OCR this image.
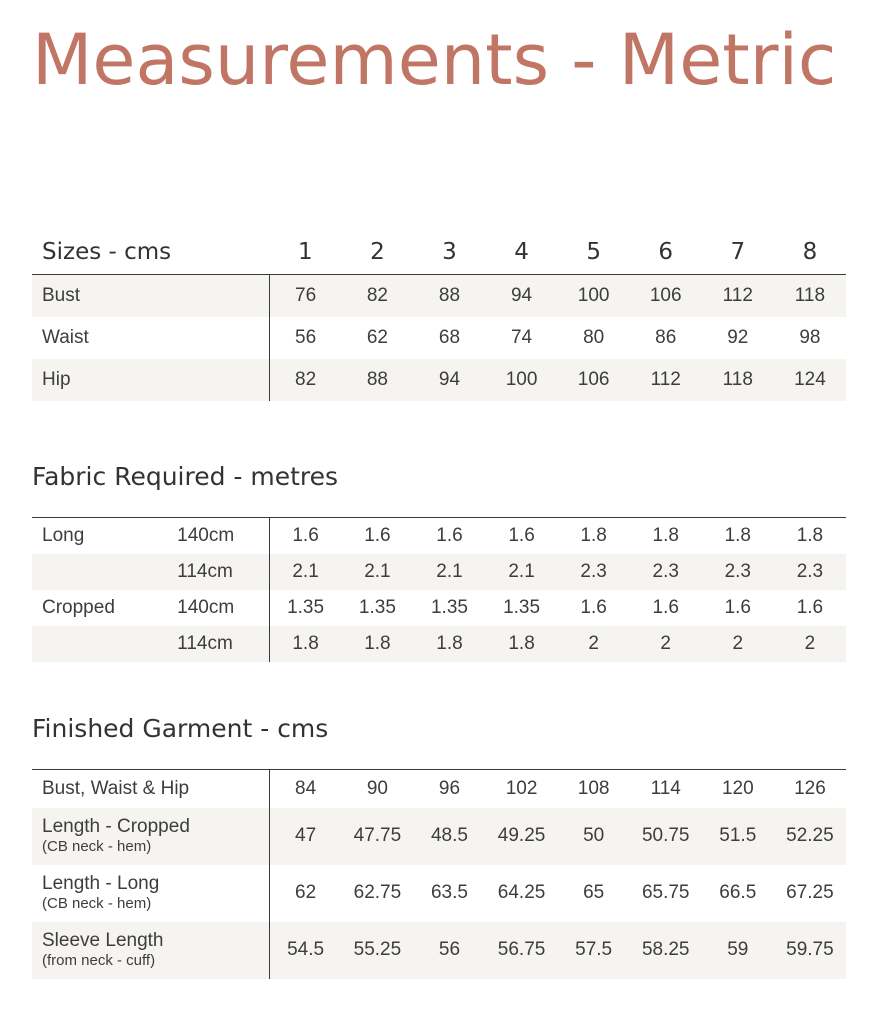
Measurements - Metric
Sizes - cms	1	2	3	4	5	6	7	8
Bust	76	82	88	94	100	106	112	118
Waist	56	62	68	74	80	86	92	98
Hip	82	88	94	100	106	112	118	124
Fabric Required - metres
Long	140cm	1.6	1.6	1.6	1.6	1.8	1.8	1.8	1.8
	114cm	2.1	2.1	2.1	2.1	2.3	2.3	2.3	2.3
Cropped	140cm	1.35	1.35	1.35	1.35	1.6	1.6	1.6	1.6
	114cm	1.8	1.8	1.8	1.8	2	2	2	2
Finished Garment - cms
Bust, Waist & Hip	84	90	96	102	108	114	120	126

Length - Cropped
(CB neck - hem)	47	47.75	48.5	49.25	50	50.75	51.5	52.25

Length - Long
(CB neck - hem)	62	62.75	63.5	64.25	65	65.75	66.5	67.25

Sleeve Length
(from neck - cuff)	54.5	55.25	56	56.75	57.5	58.25	59	59.75
